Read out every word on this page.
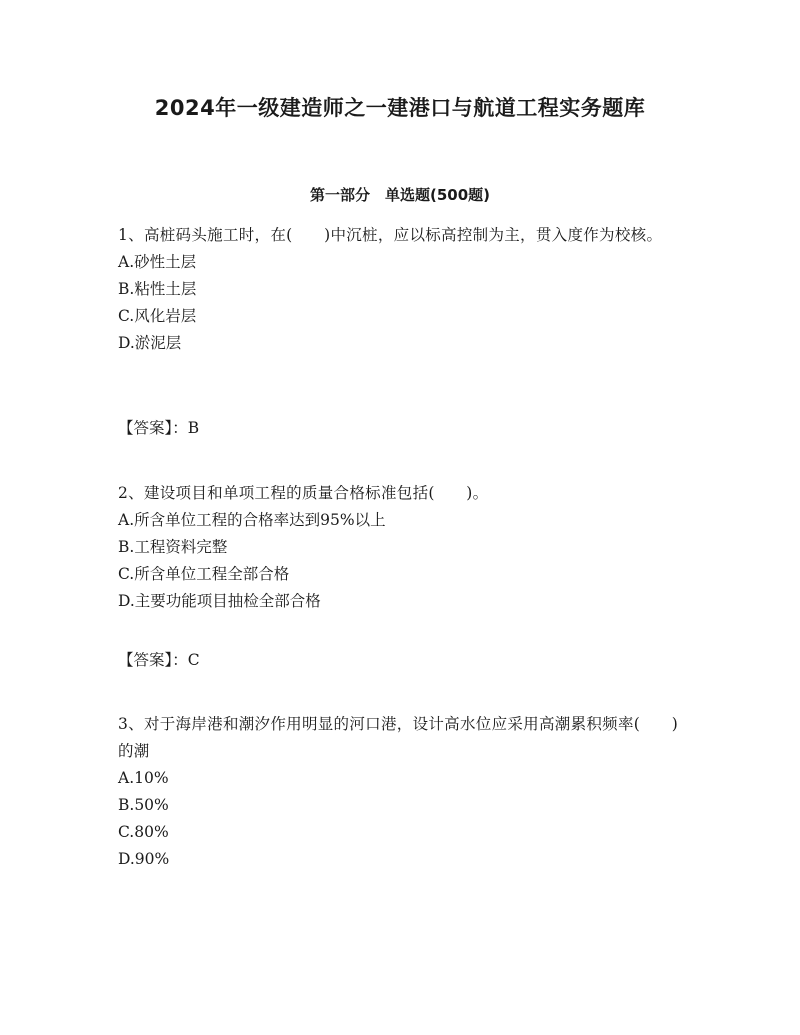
2024年一级建造师之一建港口与航道工程实务题库
第一部分　单选题(500题)
1、高桩码头施工时，在(　　)中沉桩，应以标高控制为主，贯入度作为校核。
A.砂性土层
B.粘性土层
C.风化岩层
D.淤泥层
【答案】：B
2、建设项目和单项工程的质量合格标准包括(　　)。
A.所含单位工程的合格率达到95%以上
B.工程资料完整
C.所含单位工程全部合格
D.主要功能项目抽检全部合格
【答案】：C
3、对于海岸港和潮汐作用明显的河口港，设计高水位应采用高潮累积频率(　　)的潮
A.10%
B.50%
C.80%
D.90%
